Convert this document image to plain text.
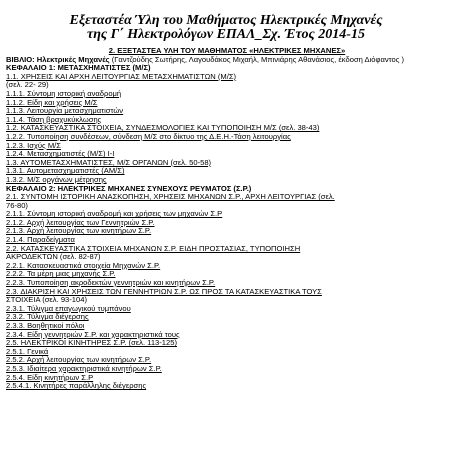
Εξεταστέα Ύλη του Μαθήματος Ηλεκτρικές Μηχανές
της Γ΄ Ηλεκτρολόγων ΕΠΑΛ_Σχ. Έτος 2014-15
2. ΕΞΕΤΑΣΤΕΑ ΥΛΗ ΤΟΥ ΜΑΘΗΜΑΤΟΣ «ΗΛΕΚΤΡΙΚΕΣ ΜΗΧΑΝΕΣ»
ΒΙΒΛΙΟ: Ηλεκτρικές Μηχανές (Γαντζούδης Σωτήρης, Λαγουδάκος Μιχαήλ, Μπινιάρης Αθανάσιος, έκδοση Διόφαντος )
ΚΕΦΑΛΑΙΟ 1: ΜΕΤΑΣΧΗΜΑΤΙΣΤΕΣ (Μ/Σ)
1.1. ΧΡΗΣΕΙΣ ΚΑΙ ΑΡΧΗ ΛΕΙΤΟΥΡΓΙΑΣ ΜΕΤΑΣΧΗΜΑΤΙΣΤΩΝ (Μ/Σ)
(σελ. 22- 29)
1.1.1. Σύντομη ιστορική αναδρομή
1.1.2. Είδη και χρήσεις Μ/Σ
1.1.3. Λειτουργία μετασχηματιστών
1.1.4. Τάση βραχυκύκλωσης
1.2. ΚΑΤΑΣΚΕΥΑΣΤΙΚΑ ΣΤΟΙΧΕΙΑ, ΣΥΝΔΕΣΜΟΛΟΓΙΕΣ ΚΑΙ ΤΥΠΟΠΟΙΗΣΗ Μ/Σ (σελ. 38-43)
1.2.2. Τυποποίηση συνδέσεων, σύνδεση Μ/Σ στο δίκτυο της Δ.Ε.Η.-Τάση λειτουργίας
1.2.3. Ισχύς Μ/Σ
1.2.4. Μετασχηματιστές (Μ/Σ) Ι-Ι
1.3. ΑΥΤΟΜΕΤΑΣΧΗΜΑΤΙΣΤΕΣ, Μ/Σ ΟΡΓΑΝΩΝ (σελ. 50-58)
1.3.1. Αυτομετασχηματιστές (ΑΜ/Σ)
1.3.2. Μ/Σ οργάνων μέτρησης
ΚΕΦΑΛΑΙΟ 2: ΗΛΕΚΤΡΙΚΕΣ ΜΗΧΑΝΕΣ ΣΥΝΕΧΟΥΣ ΡΕΥΜΑΤΟΣ (Σ.Ρ.)
2.1. ΣΥΝΤΟΜΗ ΙΣΤΟΡΙΚΗ ΑΝΑΣΚΟΠΗΣΗ, ΧΡΗΣΕΙΣ ΜΗΧΑΝΩΝ Σ.Ρ., ΑΡΧΗ ΛΕΙΤΟΥΡΓΙΑΣ (σελ.
76-80)
2.1.1. Σύντομη ιστορική αναδρομή και χρήσεις των μηχανών Σ.Ρ
2.1.2. Αρχή λειτουργίας των Γεννητριών Σ.Ρ.
2.1.3. Αρχή λειτουργίας των κινητήρων Σ.Ρ.
2.1.4. Παραδείγματα
2.2. ΚΑΤΑΣΚΕΥΑΣΤΙΚΑ ΣΤΟΙΧΕΙΑ ΜΗΧΑΝΩΝ Σ.Ρ. ΕΙΔΗ ΠΡΟΣΤΑΣΙΑΣ, ΤΥΠΟΠΟΙΗΣΗ
ΑΚΡΟΔΕΚΤΩΝ (σελ. 82-87)
2.2.1. Κατασκευαστικά στοιχεία Μηχανών Σ.Ρ.
2.2.2. Τα μέρη μιας μηχανής Σ.Ρ.
2.2.3. Τυποποίηση ακροδεκτών γεννητριών και κινητήρων Σ.Ρ.
2.3. ΔΙΑΚΡΙΣΗ ΚΑΙ ΧΡΗΣΕΙΣ ΤΩΝ ΓΕΝΝΗΤΡΙΩΝ Σ.Ρ. ΩΣ ΠΡΟΣ ΤΑ ΚΑΤΑΣΚΕΥΑΣΤΙΚΑ ΤΟΥΣ
ΣΤΟΙΧΕΙΑ (σελ. 93-104)
2.3.1. Τύλιγμα επαγωγικού τυμπάνου
2.3.2. Τύλιγμα διέγερσης
2.3.3. Βοηθητικοί πόλοι
2.3.4. Είδη γεννητριών Σ.Ρ. και χαρακτηριστικά τους
2.5. ΗΛΕΚΤΡΙΚΟΙ ΚΙΝΗΤΗΡΕΣ Σ.Ρ. (σελ. 113-125)
2.5.1. Γενικά
2.5.2. Αρχή λειτουργίας των κινητήρων Σ.Ρ.
2.5.3. Ιδιαίτερα χαρακτηριστικά κινητήρων Σ.Ρ.
2.5.4. Είδη κινητήρων Σ.Ρ
2.5.4.1. Κινητήρες παράλληλης διέγερσης
